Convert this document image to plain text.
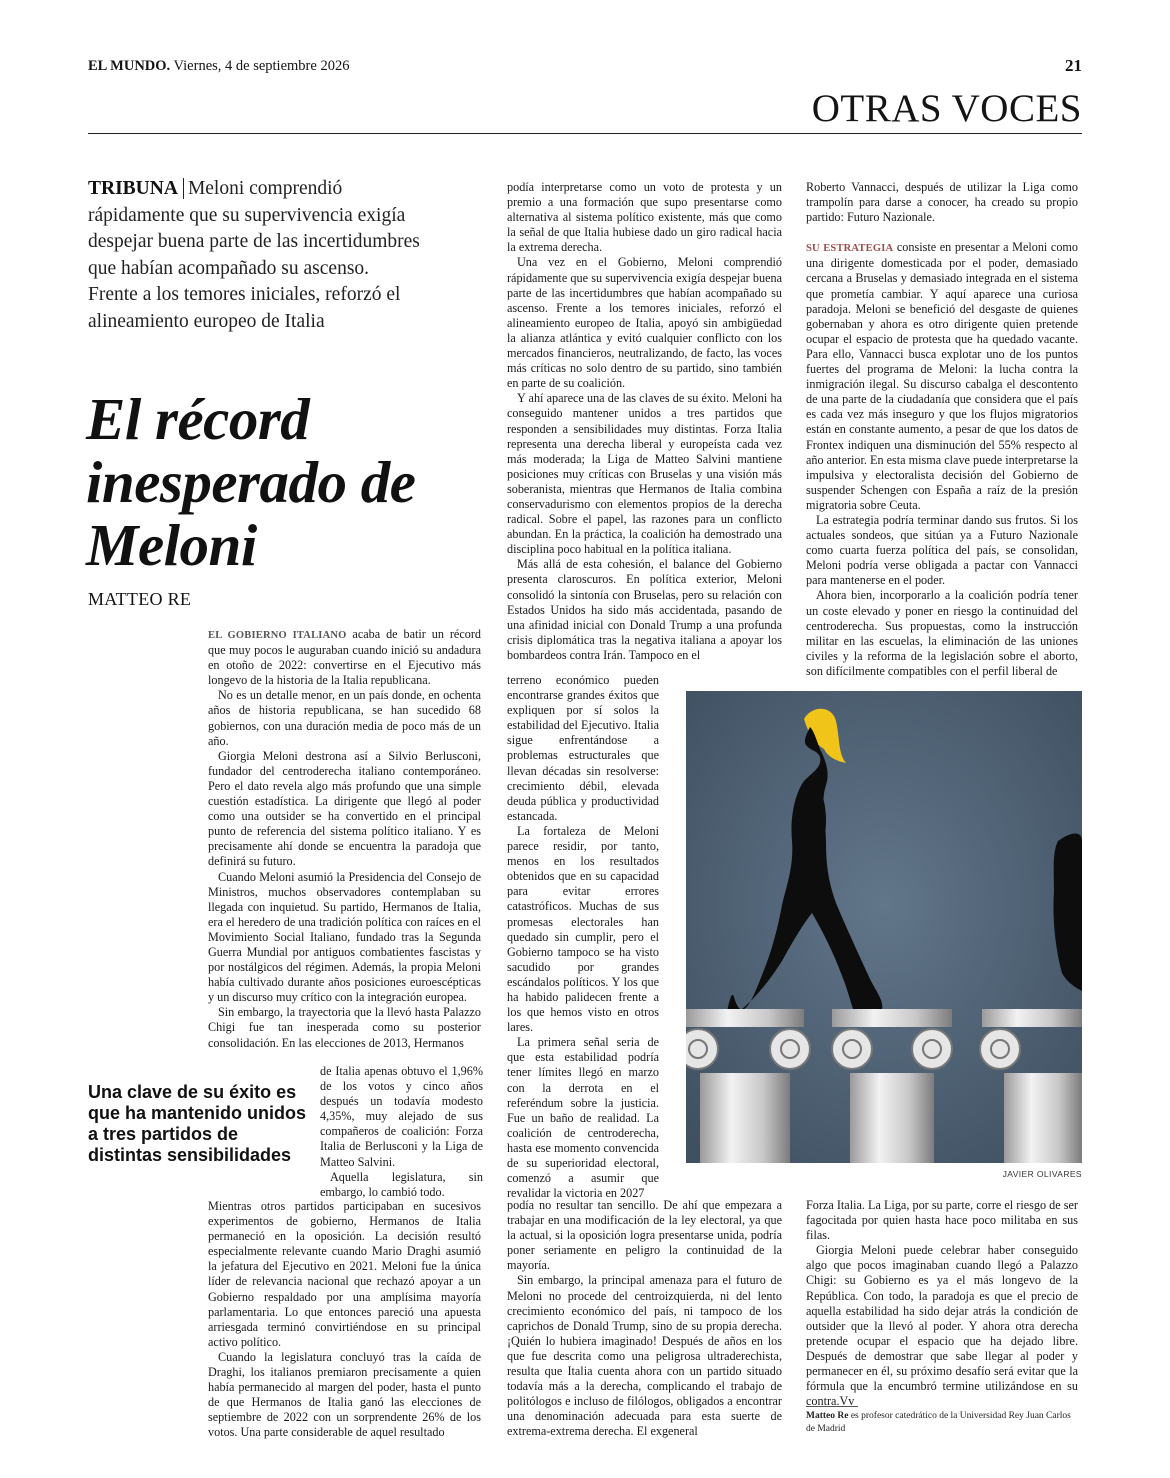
EL MUNDO. Viernes, 4 de septiembre 2026	21
OTRAS VOCES
TRIBUNA Meloni comprendió rápidamente que su supervivencia exigía despejar buena parte de las incertidumbres que habían acompañado su ascenso. Frente a los temores iniciales, reforzó el alineamiento europeo de Italia
El récord inesperado de Meloni
MATTEO RE

EL GOBIERNO ITALIANO acaba de batir un récord que muy pocos le auguraban cuando inició su andadura en otoño de 2022: convertirse en el Ejecutivo más longevo de la historia de la Italia republicana.

No es un detalle menor, en un país donde, en ochenta años de historia republicana, se han sucedido 68 gobiernos, con una duración media de poco más de un año.

Giorgia Meloni destrona así a Silvio Berlusconi, fundador del centroderecha italiano contemporáneo. Pero el dato revela algo más profundo que una simple cuestión estadística. La dirigente que llegó al poder como una outsider se ha convertido en el principal punto de referencia del sistema político italiano. Y es precisamente ahí donde se encuentra la paradoja que definirá su futuro.

Cuando Meloni asumió la Presidencia del Consejo de Ministros, muchos observadores contemplaban su llegada con inquietud. Su partido, Hermanos de Italia, era el heredero de una tradición política con raíces en el Movimiento Social Italiano, fundado tras la Segunda Guerra Mundial por antiguos combatientes fascistas y por nostálgicos del régimen. Además, la propia Meloni había cultivado durante años posiciones euroescépticas y un discurso muy crítico con la integración europea.

Sin embargo, la trayectoria que la llevó hasta Palazzo Chigi fue tan inesperada como su posterior consolidación. En las elecciones de 2013, Hermanos

de Italia apenas obtuvo el 1,96% de los votos y cinco años después un todavía modesto 4,35%, muy alejado de sus compañeros de coalición: Forza Italia de Berlusconi y la Liga de Matteo Salvini.

Aquella legislatura, sin embargo, lo cambió todo.

Mientras otros partidos participaban en sucesivos experimentos de gobierno, Hermanos de Italia permaneció en la oposición. La decisión resultó especialmente relevante cuando Mario Draghi asumió la jefatura del Ejecutivo en 2021. Meloni fue la única líder de relevancia nacional que rechazó apoyar a un Gobierno respaldado por una amplísima mayoría parlamentaria. Lo que entonces pareció una apuesta arriesgada terminó convirtiéndose en su principal activo político.

Cuando la legislatura concluyó tras la caída de Draghi, los italianos premiaron precisamente a quien había permanecido al margen del poder, hasta el punto de que Hermanos de Italia ganó las elecciones de septiembre de 2022 con un sorprendente 26% de los votos. Una parte considerable de aquel resultado

Una clave de su éxito es que ha mantenido unidos a tres partidos de distintas sensibilidades

podía interpretarse como un voto de protesta y un premio a una formación que supo presentarse como alternativa al sistema político existente, más que como la señal de que Italia hubiese dado un giro radical hacia la extrema derecha.

Una vez en el Gobierno, Meloni comprendió rápidamente que su supervivencia exigía despejar buena parte de las incertidumbres que habían acompañado su ascenso. Frente a los temores iniciales, reforzó el alineamiento europeo de Italia, apoyó sin ambigüedad la alianza atlántica y evitó cualquier conflicto con los mercados financieros, neutralizando, de facto, las voces más críticas no solo dentro de su partido, sino también en parte de su coalición.

Y ahí aparece una de las claves de su éxito. Meloni ha conseguido mantener unidos a tres partidos que responden a sensibilidades muy distintas. Forza Italia representa una derecha liberal y europeísta cada vez más moderada; la Liga de Matteo Salvini mantiene posiciones muy críticas con Bruselas y una visión más soberanista, mientras que Hermanos de Italia combina conservadurismo con elementos propios de la derecha radical. Sobre el papel, las razones para un conflicto abundan. En la práctica, la coalición ha demostrado una disciplina poco habitual en la política italiana.

Más allá de esta cohesión, el balance del Gobierno presenta claroscuros. En política exterior, Meloni consolidó la sintonía con Bruselas, pero su relación con Estados Unidos ha sido más accidentada, pasando de una afinidad inicial con Donald Trump a una profunda crisis diplomática tras la negativa italiana a apoyar los bombardeos contra Irán. Tampoco en el

terreno económico pueden encontrarse grandes éxitos que expliquen por sí solos la estabilidad del Ejecutivo. Italia sigue enfrentándose a problemas estructurales que llevan décadas sin resolverse: crecimiento débil, elevada deuda pública y productividad estancada.

La fortaleza de Meloni parece residir, por tanto, menos en los resultados obtenidos que en su capacidad para evitar errores catastróficos. Muchas de sus promesas electorales han quedado sin cumplir, pero el Gobierno tampoco se ha visto sacudido por grandes escándalos políticos. Y los que ha habido palidecen frente a los que hemos visto en otros lares.

La primera señal seria de que esta estabilidad podría tener límites llegó en marzo con la derrota en el referéndum sobre la justicia. Fue un baño de realidad. La coalición de centroderecha, hasta ese momento convencida de su superioridad electoral, comenzó a asumir que revalidar la victoria en 2027

podía no resultar tan sencillo. De ahí que empezara a trabajar en una modificación de la ley electoral, ya que la actual, si la oposición logra presentarse unida, podría poner seriamente en peligro la continuidad de la mayoría.

Sin embargo, la principal amenaza para el futuro de Meloni no procede del centroizquierda, ni del lento crecimiento económico del país, ni tampoco de los caprichos de Donald Trump, sino de su propia derecha. ¡Quién lo hubiera imaginado! Después de años en los que fue descrita como una peligrosa ultraderechista, resulta que Italia cuenta ahora con un partido situado todavía más a la derecha, complicando el trabajo de politólogos e incluso de filólogos, obligados a encontrar una denominación adecuada para esta suerte de extrema-extrema derecha. El exgeneral

Roberto Vannacci, después de utilizar la Liga como trampolín para darse a conocer, ha creado su propio partido: Futuro Nazionale.

SU ESTRATEGIA consiste en presentar a Meloni como una dirigente domesticada por el poder, demasiado cercana a Bruselas y demasiado integrada en el sistema que prometía cambiar. Y aquí aparece una curiosa paradoja. Meloni se benefició del desgaste de quienes gobernaban y ahora es otro dirigente quien pretende ocupar el espacio de protesta que ha quedado vacante. Para ello, Vannacci busca explotar uno de los puntos fuertes del programa de Meloni: la lucha contra la inmigración ilegal. Su discurso cabalga el descontento de una parte de la ciudadanía que considera que el país es cada vez más inseguro y que los flujos migratorios están en constante aumento, a pesar de que los datos de Frontex indiquen una disminución del 55% respecto al año anterior. En esta misma clave puede interpretarse la impulsiva y electoralista decisión del Gobierno de suspender Schengen con España a raíz de la presión migratoria sobre Ceuta.

La estrategia podría terminar dando sus frutos. Si los actuales sondeos, que sitúan ya a Futuro Nazionale como cuarta fuerza política del país, se consolidan, Meloni podría verse obligada a pactar con Vannacci para mantenerse en el poder.

Ahora bien, incorporarlo a la coalición podría tener un coste elevado y poner en riesgo la continuidad del centroderecha. Sus propuestas, como la instrucción militar en las escuelas, la eliminación de las uniones civiles y la reforma de la legislación sobre el aborto, son difícilmente compatibles con el perfil liberal de

JAVIER OLIVARES

Forza Italia. La Liga, por su parte, corre el riesgo de ser fagocitada por quien hasta hace poco militaba en sus filas.

Giorgia Meloni puede celebrar haber conseguido algo que pocos imaginaban cuando llegó a Palazzo Chigi: su Gobierno es ya el más longevo de la República. Con todo, la paradoja es que el precio de aquella estabilidad ha sido dejar atrás la condición de outsider que la llevó al poder. Y ahora otra derecha pretende ocupar el espacio que ha dejado libre. Después de demostrar que sabe llegar al poder y permanecer en él, su próximo desafío será evitar que la fórmula que la encumbró termine utilizándose en su contra.Vv

Matteo Re es profesor catedrático de la Universidad Rey Juan Carlos de Madrid
